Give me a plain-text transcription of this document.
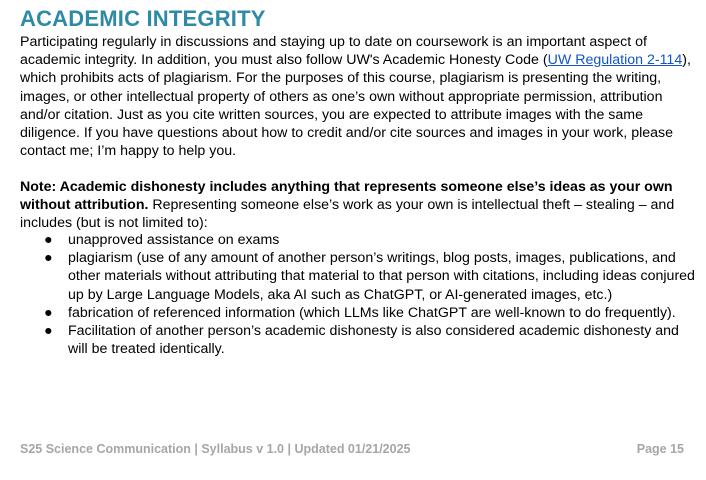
ACADEMIC INTEGRITY

Participating regularly in discussions and staying up to date on coursework is an important aspect of academic integrity. In addition, you must also follow UW's Academic Honesty Code (UW Regulation 2-114), which prohibits acts of plagiarism. For the purposes of this course, plagiarism is presenting the writing, images, or other intellectual property of others as one’s own without appropriate permission, attribution and/or citation. Just as you cite written sources, you are expected to attribute images with the same diligence. If you have questions about how to credit and/or cite sources and images in your work, please contact me; I’m happy to help you.

Note: Academic dishonesty includes anything that represents someone else’s ideas as your own without attribution. Representing someone else’s work as your own is intellectual theft – stealing – and includes (but is not limited to):

● unapproved assistance on exams
● plagiarism (use of any amount of another person’s writings, blog posts, images, publications, and other materials without attributing that material to that person with citations, including ideas conjured up by Large Language Models, aka AI such as ChatGPT, or AI-generated images, etc.)
● fabrication of referenced information (which LLMs like ChatGPT are well-known to do frequently).
● Facilitation of another person’s academic dishonesty is also considered academic dishonesty and will be treated identically.
S25 Science Communication | Syllabus v 1.0 | Updated 01/21/2025	Page 15
